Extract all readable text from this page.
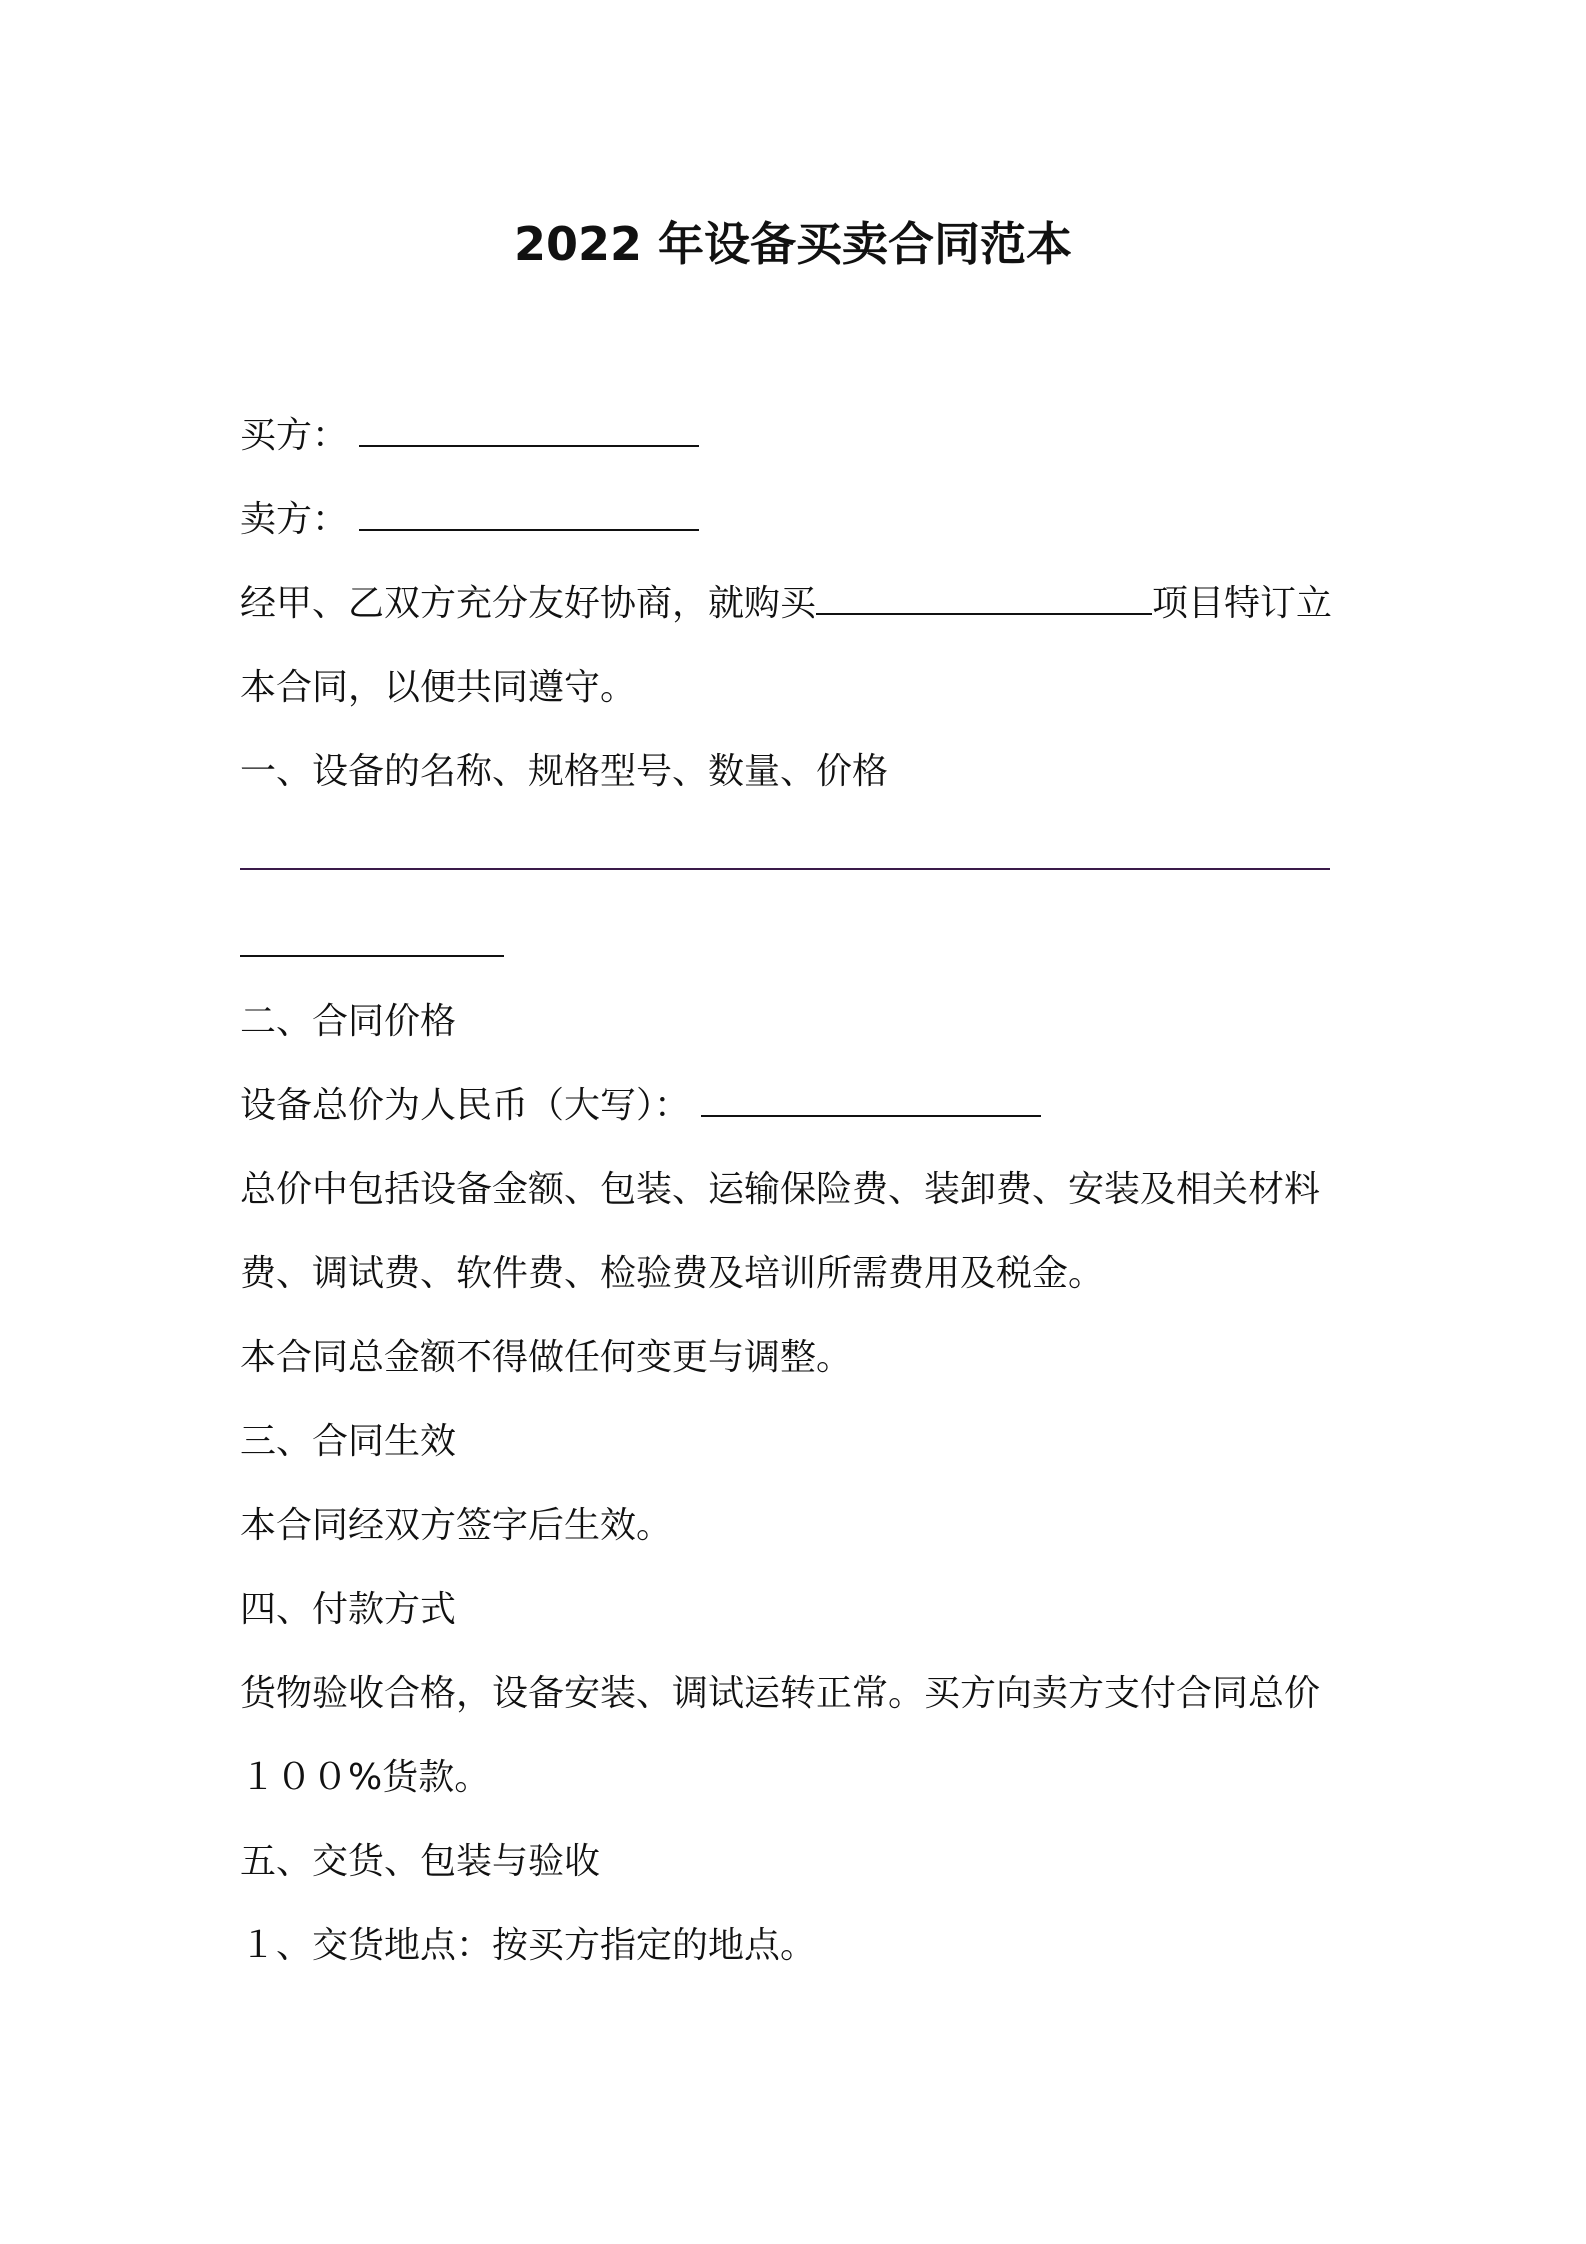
2022 年设备买卖合同范本
买方：
卖方：
经甲、乙双方充分友好协商，就购买	项目特订立
本合同，以便共同遵守。
一、设备的名称、规格型号、数量、价格
二、合同价格
设备总价为人民币（大写）：
总价中包括设备金额、包装、运输保险费、装卸费、安装及相关材料
费、调试费、软件费、检验费及培训所需费用及税金。
本合同总金额不得做任何变更与调整。
三、合同生效
本合同经双方签字后生效。
四、付款方式
货物验收合格，设备安装、调试运转正常。买方向卖方支付合同总价
１００%货款。
五、交货、包装与验收
１、交货地点：按买方指定的地点。
